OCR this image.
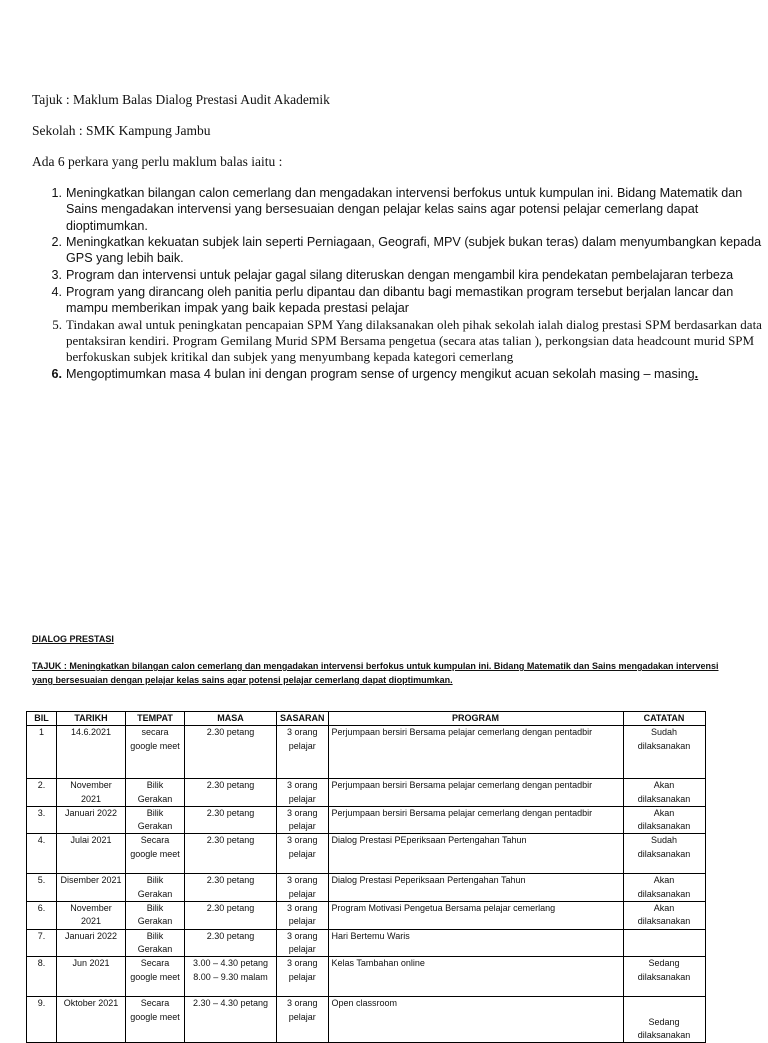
Tajuk : Maklum Balas Dialog Prestasi Audit Akademik
Sekolah : SMK Kampung Jambu
Ada 6 perkara yang perlu maklum balas iaitu :
1. Meningkatkan bilangan calon cemerlang dan mengadakan intervensi berfokus untuk kumpulan ini. Bidang Matematik dan Sains mengadakan intervensi yang bersesuaian dengan pelajar kelas sains agar potensi pelajar cemerlang dapat dioptimumkan.
2. Meningkatkan kekuatan subjek lain seperti Perniagaan, Geografi, MPV (subjek bukan teras) dalam menyumbangkan kepada GPS yang lebih baik.
3. Program dan intervensi untuk pelajar gagal silang diteruskan dengan mengambil kira pendekatan pembelajaran terbeza
4. Program yang dirancang oleh panitia perlu dipantau dan dibantu bagi memastikan program tersebut berjalan lancar dan mampu memberikan impak yang baik kepada prestasi pelajar
5. Tindakan awal untuk peningkatan pencapaian SPM Yang dilaksanakan oleh pihak sekolah ialah dialog prestasi SPM berdasarkan data pentaksiran kendiri. Program Gemilang Murid SPM Bersama pengetua (secara atas talian ), perkongsian data headcount murid SPM berfokuskan subjek kritikal dan subjek yang menyumbang kepada kategori cemerlang
6. Mengoptimumkan masa 4 bulan ini dengan program sense of urgency mengikut acuan sekolah masing – masing.
DIALOG PRESTASI
TAJUK : Meningkatkan bilangan calon cemerlang dan mengadakan intervensi berfokus untuk kumpulan ini. Bidang Matematik dan Sains mengadakan intervensi yang bersesuaian dengan pelajar kelas sains agar potensi pelajar cemerlang dapat dioptimumkan.
BIL	TARIKH	TEMPAT	MASA	SASARAN	PROGRAM	CATATAN
1	14.6.2021	secara google meet	2.30 petang	3 orang pelajar	Perjumpaan bersiri Bersama pelajar cemerlang dengan pentadbir	Sudah dilaksanakan
2.	November 2021	Bilik Gerakan	2.30 petang	3 orang pelajar	Perjumpaan bersiri Bersama pelajar cemerlang dengan pentadbir	Akan dilaksanakan
3.	Januari 2022	Bilik Gerakan	2.30 petang	3 orang pelajar	Perjumpaan bersiri Bersama pelajar cemerlang dengan pentadbir	Akan dilaksanakan
4.	Julai 2021	Secara google meet	2.30 petang	3 orang pelajar	Dialog Prestasi PEperiksaan Pertengahan Tahun	Sudah dilaksanakan
5.	Disember 2021	Bilik Gerakan	2.30 petang	3 orang pelajar	Dialog Prestasi Peperiksaan Pertengahan Tahun	Akan dilaksanakan
6.	November 2021	Bilik Gerakan	2.30 petang	3 orang pelajar	Program Motivasi Pengetua Bersama pelajar cemerlang	Akan dilaksanakan
7.	Januari 2022	Bilik Gerakan	2.30 petang	3 orang pelajar	Hari Bertemu Waris	
8.	Jun 2021	Secara google meet	3.00 – 4.30 petang 8.00 – 9.30 malam	3 orang pelajar	Kelas Tambahan online	Sedang dilaksanakan
9.	Oktober 2021	Secara google meet	2.30 – 4.30 petang	3 orang pelajar	Open classroom	Sedang dilaksanakan
